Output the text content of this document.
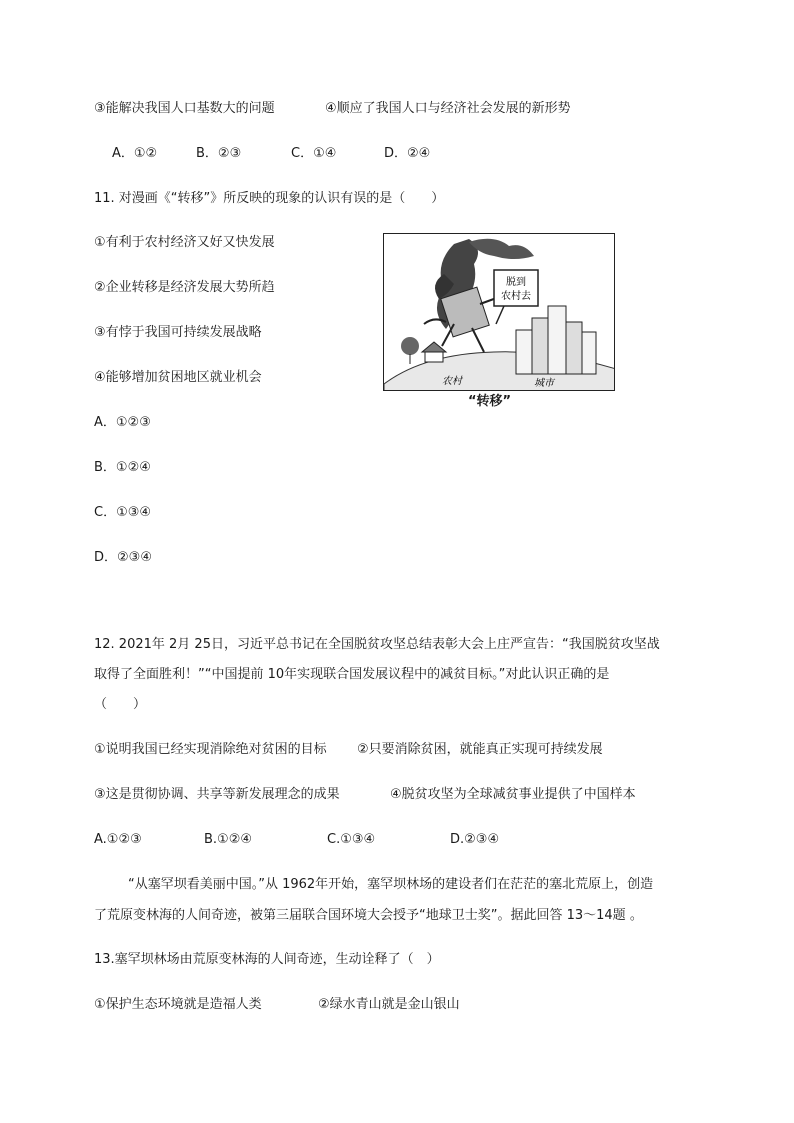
③能解决我国人口基数大的问题	④顺应了我国人口与经济社会发展的新形势
A．①②	B．②③	C．①④	D．②④
11. 对漫画《“转移”》所反映的现象的认识有误的是（　　）
①有利于农村经济又好又快发展
②企业转移是经济发展大势所趋
③有悖于我国可持续发展战略
④能够增加贫困地区就业机会
A．①②③
B．①②④
C．①③④
D．②③④
脱到
农村去
农村	城市
“转移”
12. 2021年 2月 25日，习近平总书记在全国脱贫攻坚总结表彰大会上庄严宣告：“我国脱贫攻坚战
取得了全面胜利！”“中国提前 10年实现联合国发展议程中的减贫目标。”对此认识正确的是
（　　）
①说明我国已经实现消除绝对贫困的目标 ②只要消除贫困，就能真正实现可持续发展
③这是贯彻协调、共享等新发展理念的成果	④脱贫攻坚为全球减贫事业提供了中国样本
A.①②③	B.①②④	C.①③④	D.②③④
“从塞罕坝看美丽中国。”从 1962年开始，塞罕坝林场的建设者们在茫茫的塞北荒原上，创造
了荒原变林海的人间奇迹，被第三届联合国环境大会授予“地球卫士奖”。据此回答 13～14题 。
13.塞罕坝林场由荒原变林海的人间奇迹，生动诠释了（　）
①保护生态环境就是造福人类	②绿水青山就是金山银山
